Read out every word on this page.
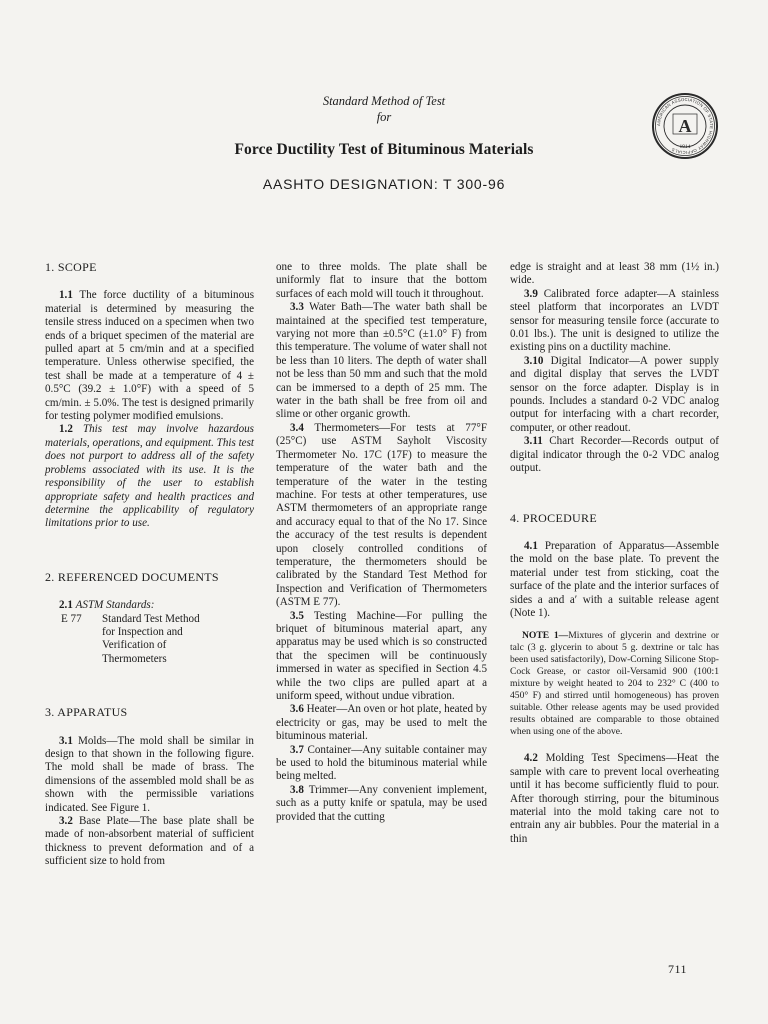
Standard Method of Test
for
Force Ductility Test of Bituminous Materials
AASHTO DESIGNATION: T 300-96
AMERICAN ASSOCIATION OF STATE HIGHWAY OFFICIALS
A
1914

1. SCOPE

1.1 The force ductility of a bituminous material is determined by measuring the tensile stress induced on a specimen when two ends of a briquet specimen of the material are pulled apart at 5 cm/min and at a specified temperature. Unless otherwise specified, the test shall be made at a temperature of 4 ± 0.5°C (39.2 ± 1.0°F) with a speed of 5 cm/min. ± 5.0%. The test is designed primarily for testing polymer modified emulsions.

1.2 This test may involve hazardous materials, operations, and equipment. This test does not purport to address all of the safety problems associated with its use. It is the responsibility of the user to establish appropriate safety and health practices and determine the applicability of regulatory limitations prior to use.

2. REFERENCED DOCUMENTS

2.1 ASTM Standards:

E 77	Standard Test Method for Inspection and Verification of Thermometers

3. APPARATUS

3.1 Molds—The mold shall be similar in design to that shown in the following figure. The mold shall be made of brass. The dimensions of the assembled mold shall be as shown with the permissible variations indicated. See Figure 1.

3.2 Base Plate—The base plate shall be made of non-absorbent material of sufficient thickness to prevent deformation and of a sufficient size to hold from

one to three molds. The plate shall be uniformly flat to insure that the bottom surfaces of each mold will touch it throughout.

3.3 Water Bath—The water bath shall be maintained at the specified test temperature, varying not more than ±0.5°C (±1.0° F) from this temperature. The volume of water shall not be less than 10 liters. The depth of water shall not be less than 50 mm and such that the mold can be immersed to a depth of 25 mm. The water in the bath shall be free from oil and slime or other organic growth.

3.4 Thermometers—For tests at 77°F (25°C) use ASTM Sayholt Viscosity Thermometer No. 17C (17F) to measure the temperature of the water bath and the temperature of the water in the testing machine. For tests at other temperatures, use ASTM thermometers of an appropriate range and accuracy equal to that of the No 17. Since the accuracy of the test results is dependent upon closely controlled conditions of temperature, the thermometers should be calibrated by the Standard Test Method for Inspection and Verification of Thermometers (ASTM E 77).

3.5 Testing Machine—For pulling the briquet of bituminous material apart, any apparatus may be used which is so constructed that the specimen will be continuously immersed in water as specified in Section 4.5 while the two clips are pulled apart at a uniform speed, without undue vibration.

3.6 Heater—An oven or hot plate, heated by electricity or gas, may be used to melt the bituminous material.

3.7 Container—Any suitable container may be used to hold the bituminous material while being melted.

3.8 Trimmer—Any convenient implement, such as a putty knife or spatula, may be used provided that the cutting

edge is straight and at least 38 mm (1½ in.) wide.

3.9 Calibrated force adapter—A stainless steel platform that incorporates an LVDT sensor for measuring tensile force (accurate to 0.01 lbs.). The unit is designed to utilize the existing pins on a ductility machine.

3.10 Digital Indicator—A power supply and digital display that serves the LVDT sensor on the force adapter. Display is in pounds. Includes a standard 0-2 VDC analog output for interfacing with a chart recorder, computer, or other readout.

3.11 Chart Recorder—Records output of digital indicator through the 0-2 VDC analog output.

4. PROCEDURE

4.1 Preparation of Apparatus—Assemble the mold on the base plate. To prevent the material under test from sticking, coat the surface of the plate and the interior surfaces of sides a and a′ with a suitable release agent (Note 1).

NOTE 1—Mixtures of glycerin and dextrine or talc (3 g. glycerin to about 5 g. dextrine or talc has been used satisfactorily), Dow-Corning Silicone Stop-Cock Grease, or castor oil-Versamid 900 (100:1 mixture by weight heated to 204 to 232° C (400 to 450° F) and stirred until homogeneous) has proven suitable. Other release agents may be used provided results obtained are comparable to those obtained when using one of the above.

4.2 Molding Test Specimens—Heat the sample with care to prevent local overheating until it has become sufficiently fluid to pour. After thorough stirring, pour the bituminous material into the mold taking care not to entrain any air bubbles. Pour the material in a thin

711
